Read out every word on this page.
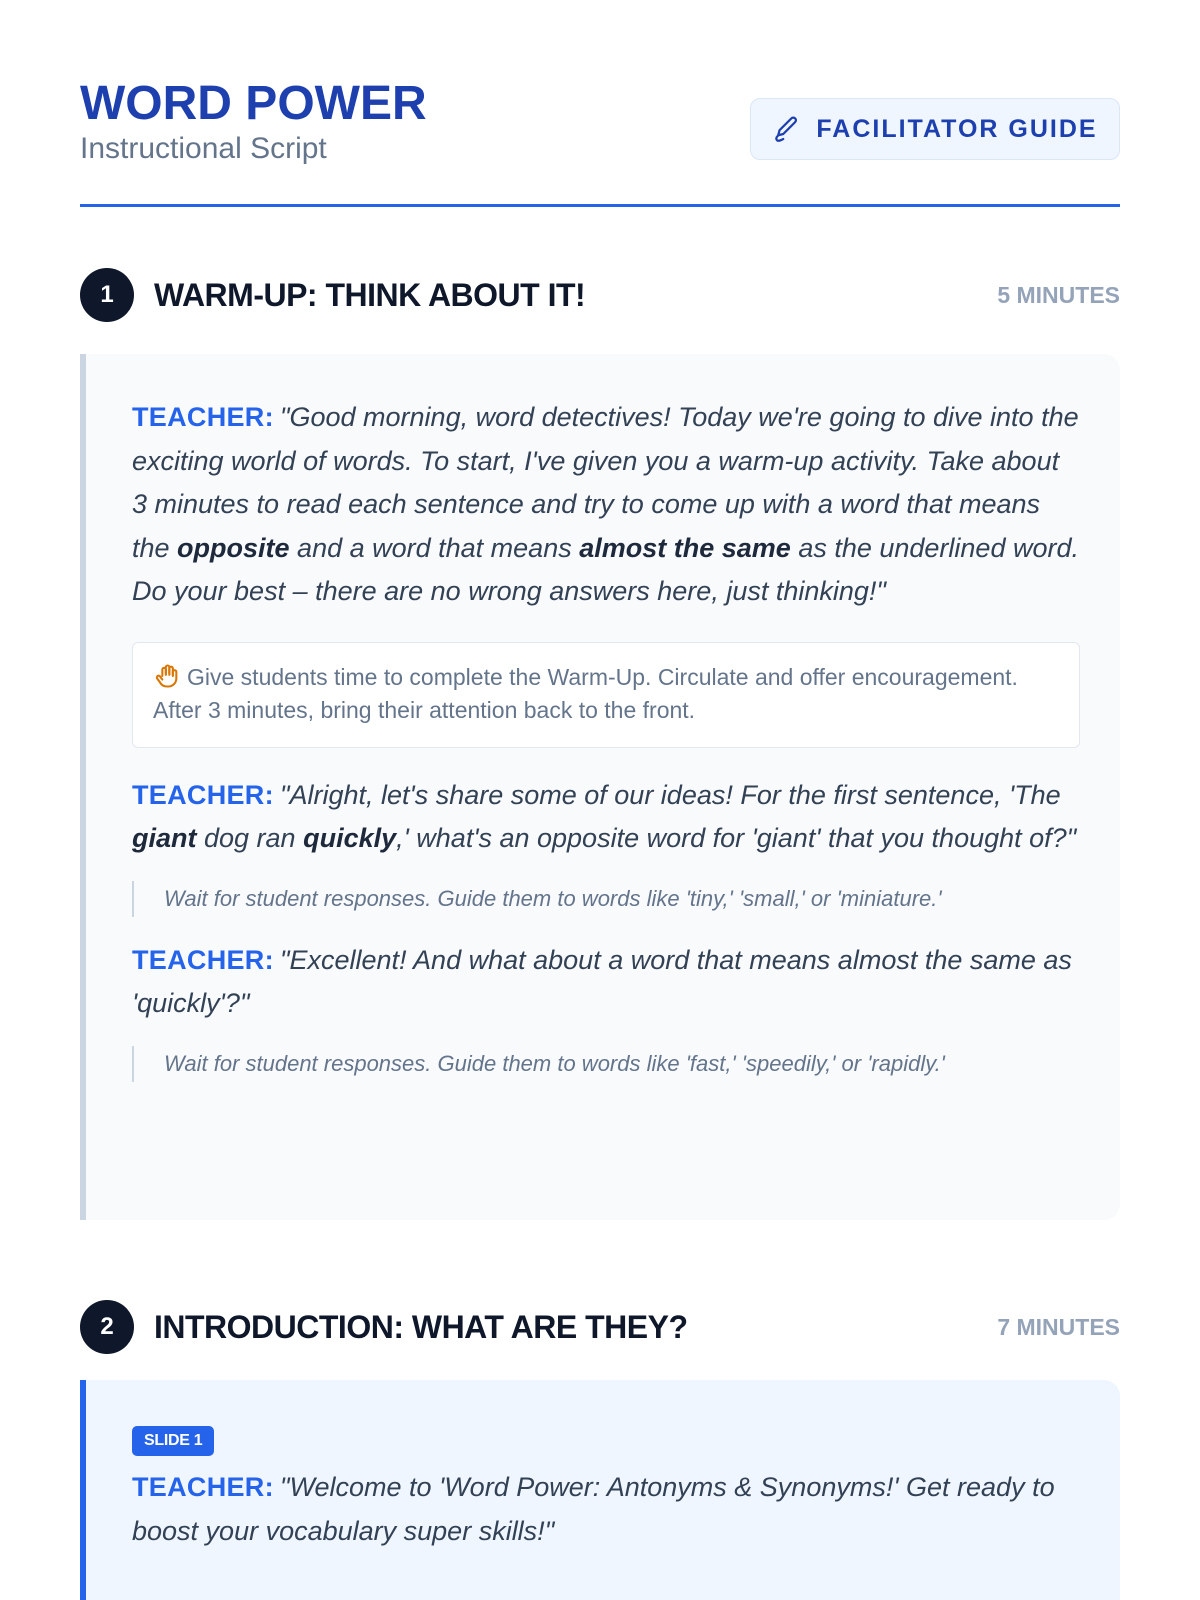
WORD POWER
Instructional Script
FACILITATOR GUIDE
1	WARM-UP: THINK ABOUT IT!	5 MINUTES

TEACHER: "Good morning, word detectives! Today we're going to dive into the exciting world of words. To start, I've given you a warm-up activity. Take about 3 minutes to read each sentence and try to come up with a word that means the opposite and a word that means almost the same as the underlined word. Do your best – there are no wrong answers here, just thinking!"

Give students time to complete the Warm-Up. Circulate and offer encouragement. After 3 minutes, bring their attention back to the front.

TEACHER: "Alright, let's share some of our ideas! For the first sentence, 'The giant dog ran quickly,' what's an opposite word for 'giant' that you thought of?"

Wait for student responses. Guide them to words like 'tiny,' 'small,' or 'miniature.'

TEACHER: "Excellent! And what about a word that means almost the same as 'quickly'?"

Wait for student responses. Guide them to words like 'fast,' 'speedily,' or 'rapidly.'
2	INTRODUCTION: WHAT ARE THEY?	7 MINUTES
SLIDE 1

TEACHER: "Welcome to 'Word Power: Antonyms & Synonyms!' Get ready to boost your vocabulary super skills!"
